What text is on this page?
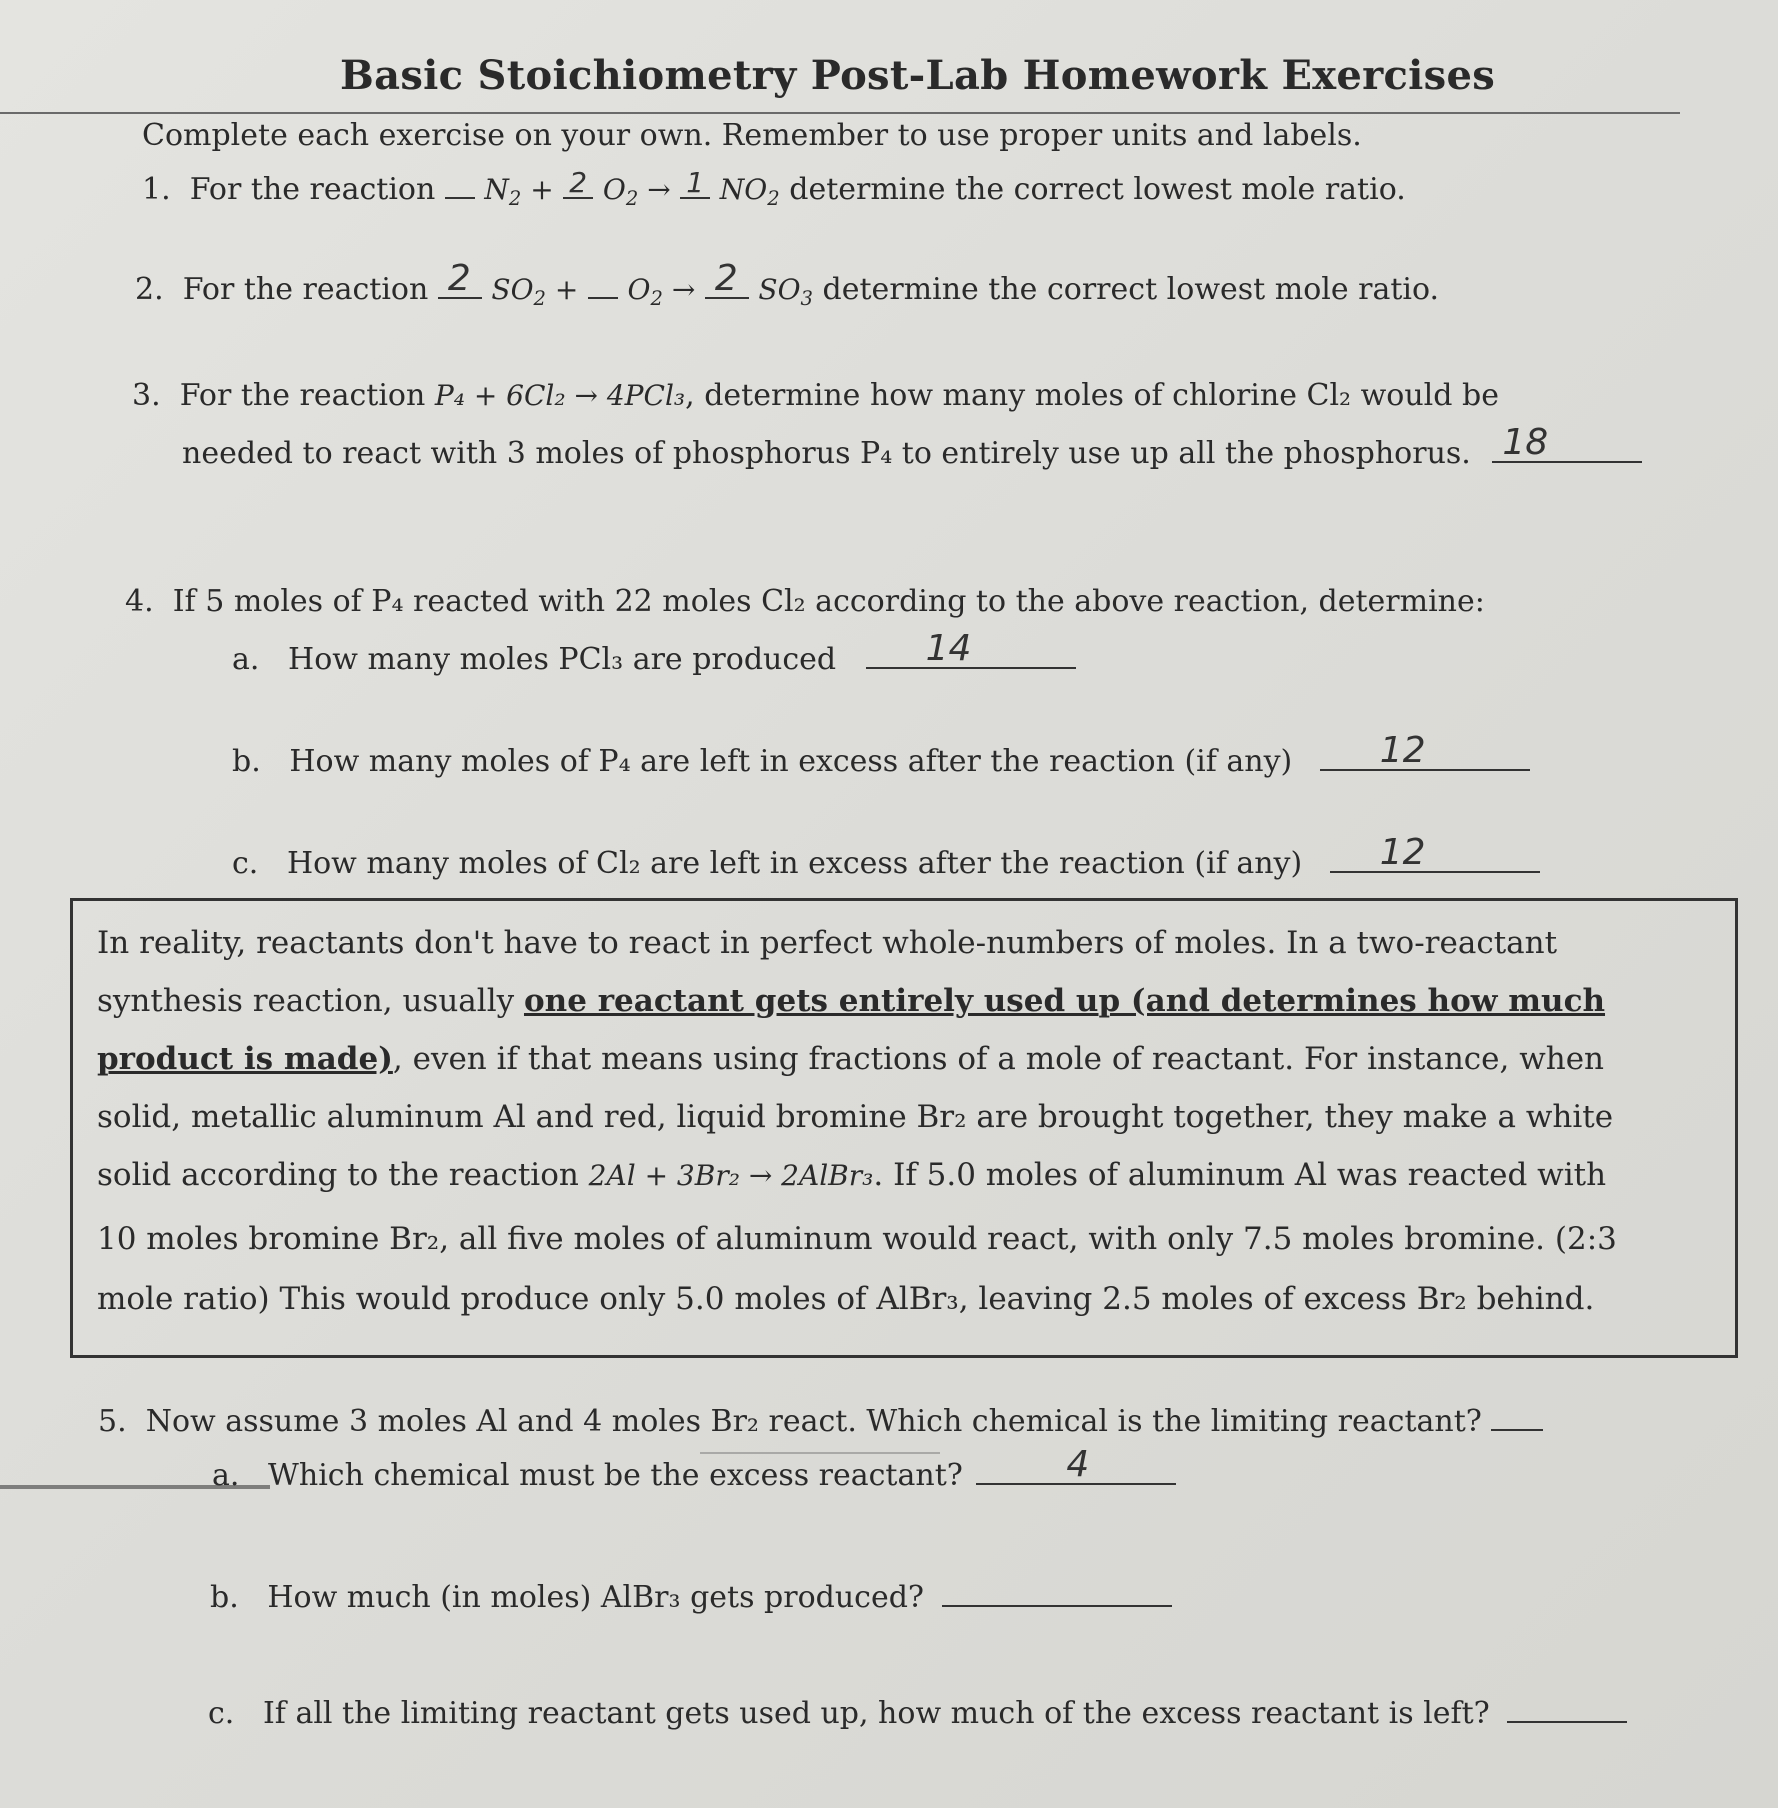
Basic Stoichiometry Post-Lab Homework Exercises
Complete each exercise on your own. Remember to use proper units and labels.
1. For the reaction $N_2 + 2$ $O_2 \to 1$ $NO_2$ determine the correct lowest mole ratio.
2. For the reaction 2 $SO_2 + O_2 \to 2$ $SO_3$ determine the correct lowest mole ratio.
3. For the reaction P₄ + 6Cl₂ → 4PCl₃, determine how many moles of chlorine Cl₂ would be
needed to react with 3 moles of phosphorus P₄ to entirely use up all the phosphorus. 18
4. If 5 moles of P₄ reacted with 22 moles Cl₂ according to the above reaction, determine:
a. How many moles PCl₃ are produced 14
b. How many moles of P₄ are left in excess after the reaction (if any) 12
c. How many moles of Cl₂ are left in excess after the reaction (if any) 12
In reality, reactants don't have to react in perfect whole-numbers of moles. In a two-reactant
synthesis reaction, usually one reactant gets entirely used up (and determines how much
product is made), even if that means using fractions of a mole of reactant. For instance, when
solid, metallic aluminum Al and red, liquid bromine Br₂ are brought together, they make a white
solid according to the reaction 2Al + 3Br₂ → 2AlBr₃. If 5.0 moles of aluminum Al was reacted with
10 moles bromine Br₂, all five moles of aluminum would react, with only 7.5 moles bromine. (2:3
mole ratio) This would produce only 5.0 moles of AlBr₃, leaving 2.5 moles of excess Br₂ behind.
5. Now assume 3 moles Al and 4 moles Br₂ react. Which chemical is the limiting reactant?
a. Which chemical must be the excess reactant?	4
b. How much (in moles) AlBr₃ gets produced?
c. If all the limiting reactant gets used up, how much of the excess reactant is left?
